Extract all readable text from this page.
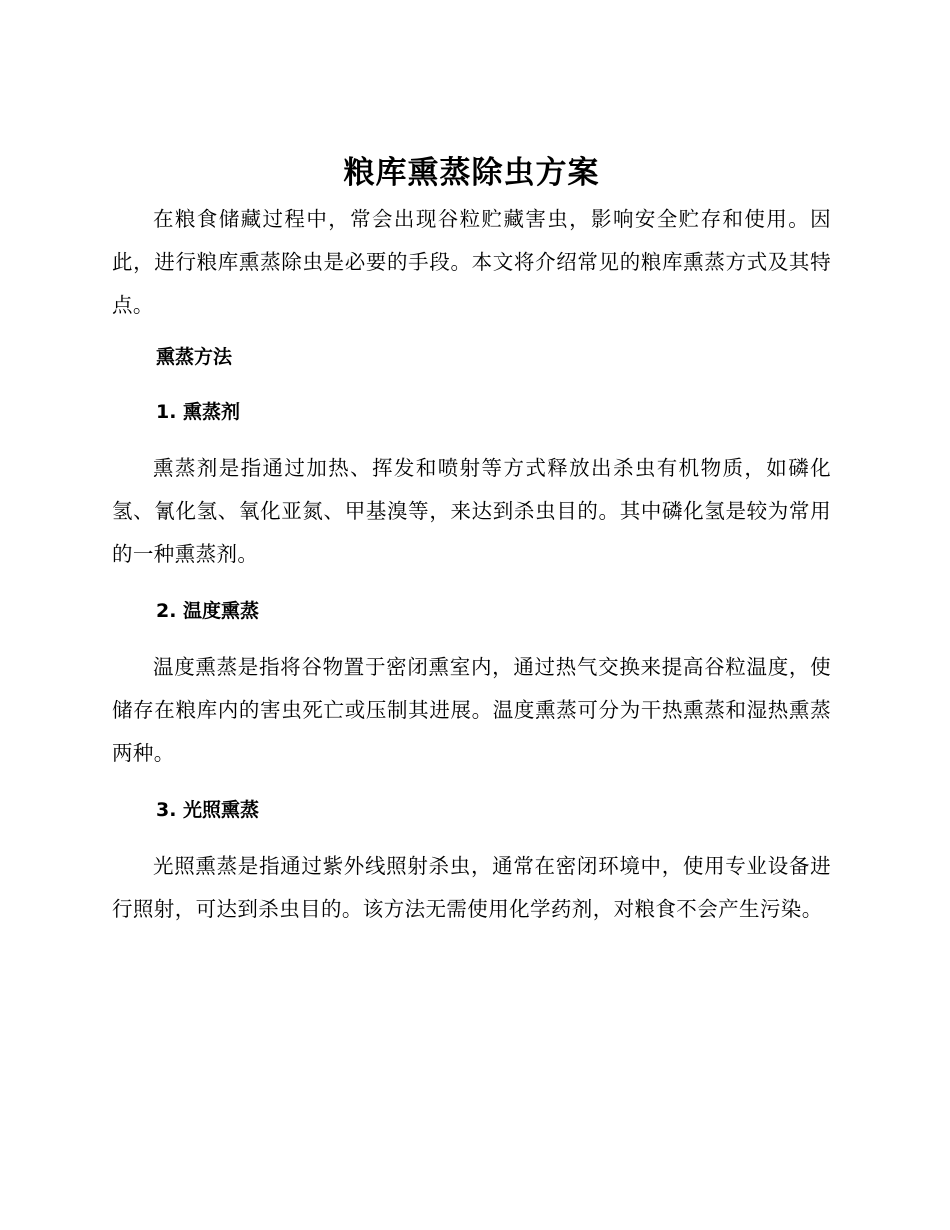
粮库熏蒸除虫方案

在粮食储藏过程中，常会出现谷粒贮藏害虫，影响安全贮存和使用。因此，进行粮库熏蒸除虫是必要的手段。本文将介绍常见的粮库熏蒸方式及其特点。

熏蒸方法
1. 熏蒸剂

熏蒸剂是指通过加热、挥发和喷射等方式释放出杀虫有机物质，如磷化氢、氰化氢、氧化亚氮、甲基溴等，来达到杀虫目的。其中磷化氢是较为常用的一种熏蒸剂。

2. 温度熏蒸

温度熏蒸是指将谷物置于密闭熏室内，通过热气交换来提高谷粒温度，使储存在粮库内的害虫死亡或压制其进展。温度熏蒸可分为干热熏蒸和湿热熏蒸两种。

3. 光照熏蒸

光照熏蒸是指通过紫外线照射杀虫，通常在密闭环境中，使用专业设备进行照射，可达到杀虫目的。该方法无需使用化学药剂，对粮食不会产生污染。
